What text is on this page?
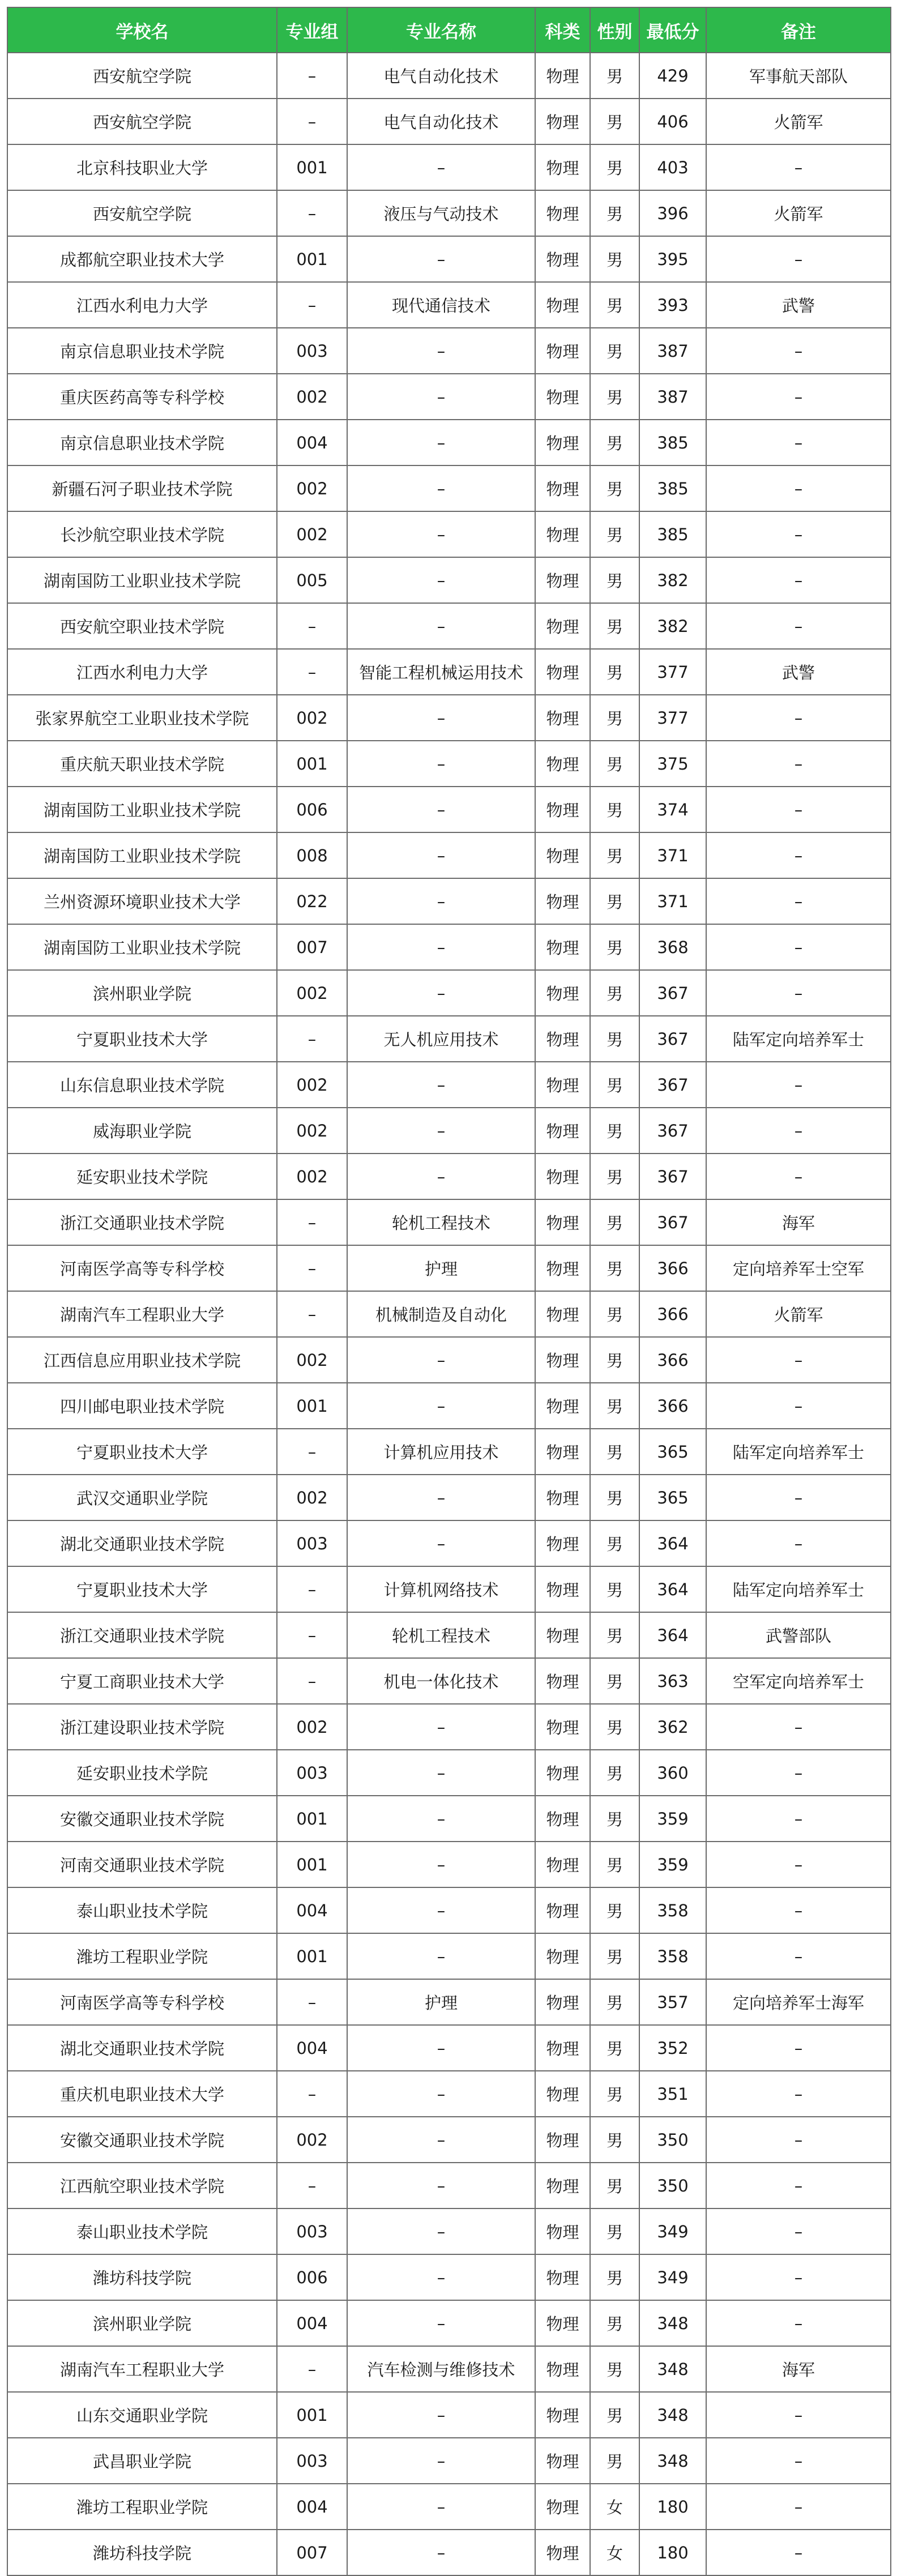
学校名	专业组	专业名称	科类	性别	最低分	备注
西安航空学院	–	电气自动化技术	物理	男	429	军事航天部队
西安航空学院	–	电气自动化技术	物理	男	406	火箭军
北京科技职业大学	001	–	物理	男	403	–
西安航空学院	–	液压与气动技术	物理	男	396	火箭军
成都航空职业技术大学	001	–	物理	男	395	–
江西水利电力大学	–	现代通信技术	物理	男	393	武警
南京信息职业技术学院	003	–	物理	男	387	–
重庆医药高等专科学校	002	–	物理	男	387	–
南京信息职业技术学院	004	–	物理	男	385	–
新疆石河子职业技术学院	002	–	物理	男	385	–
长沙航空职业技术学院	002	–	物理	男	385	–
湖南国防工业职业技术学院	005	–	物理	男	382	–
西安航空职业技术学院	–	–	物理	男	382	–
江西水利电力大学	–	智能工程机械运用技术	物理	男	377	武警
张家界航空工业职业技术学院	002	–	物理	男	377	–
重庆航天职业技术学院	001	–	物理	男	375	–
湖南国防工业职业技术学院	006	–	物理	男	374	–
湖南国防工业职业技术学院	008	–	物理	男	371	–
兰州资源环境职业技术大学	022	–	物理	男	371	–
湖南国防工业职业技术学院	007	–	物理	男	368	–
滨州职业学院	002	–	物理	男	367	–
宁夏职业技术大学	–	无人机应用技术	物理	男	367	陆军定向培养军士
山东信息职业技术学院	002	–	物理	男	367	–
威海职业学院	002	–	物理	男	367	–
延安职业技术学院	002	–	物理	男	367	–
浙江交通职业技术学院	–	轮机工程技术	物理	男	367	海军
河南医学高等专科学校	–	护理	物理	男	366	定向培养军士空军
湖南汽车工程职业大学	–	机械制造及自动化	物理	男	366	火箭军
江西信息应用职业技术学院	002	–	物理	男	366	–
四川邮电职业技术学院	001	–	物理	男	366	–
宁夏职业技术大学	–	计算机应用技术	物理	男	365	陆军定向培养军士
武汉交通职业学院	002	–	物理	男	365	–
湖北交通职业技术学院	003	–	物理	男	364	–
宁夏职业技术大学	–	计算机网络技术	物理	男	364	陆军定向培养军士
浙江交通职业技术学院	–	轮机工程技术	物理	男	364	武警部队
宁夏工商职业技术大学	–	机电一体化技术	物理	男	363	空军定向培养军士
浙江建设职业技术学院	002	–	物理	男	362	–
延安职业技术学院	003	–	物理	男	360	–
安徽交通职业技术学院	001	–	物理	男	359	–
河南交通职业技术学院	001	–	物理	男	359	–
泰山职业技术学院	004	–	物理	男	358	–
潍坊工程职业学院	001	–	物理	男	358	–
河南医学高等专科学校	–	护理	物理	男	357	定向培养军士海军
湖北交通职业技术学院	004	–	物理	男	352	–
重庆机电职业技术大学	–	–	物理	男	351	–
安徽交通职业技术学院	002	–	物理	男	350	–
江西航空职业技术学院	–	–	物理	男	350	–
泰山职业技术学院	003	–	物理	男	349	–
潍坊科技学院	006	–	物理	男	349	–
滨州职业学院	004	–	物理	男	348	–
湖南汽车工程职业大学	–	汽车检测与维修技术	物理	男	348	海军
山东交通职业学院	001	–	物理	男	348	–
武昌职业学院	003	–	物理	男	348	–
潍坊工程职业学院	004	–	物理	女	180	–
潍坊科技学院	007	–	物理	女	180	–
